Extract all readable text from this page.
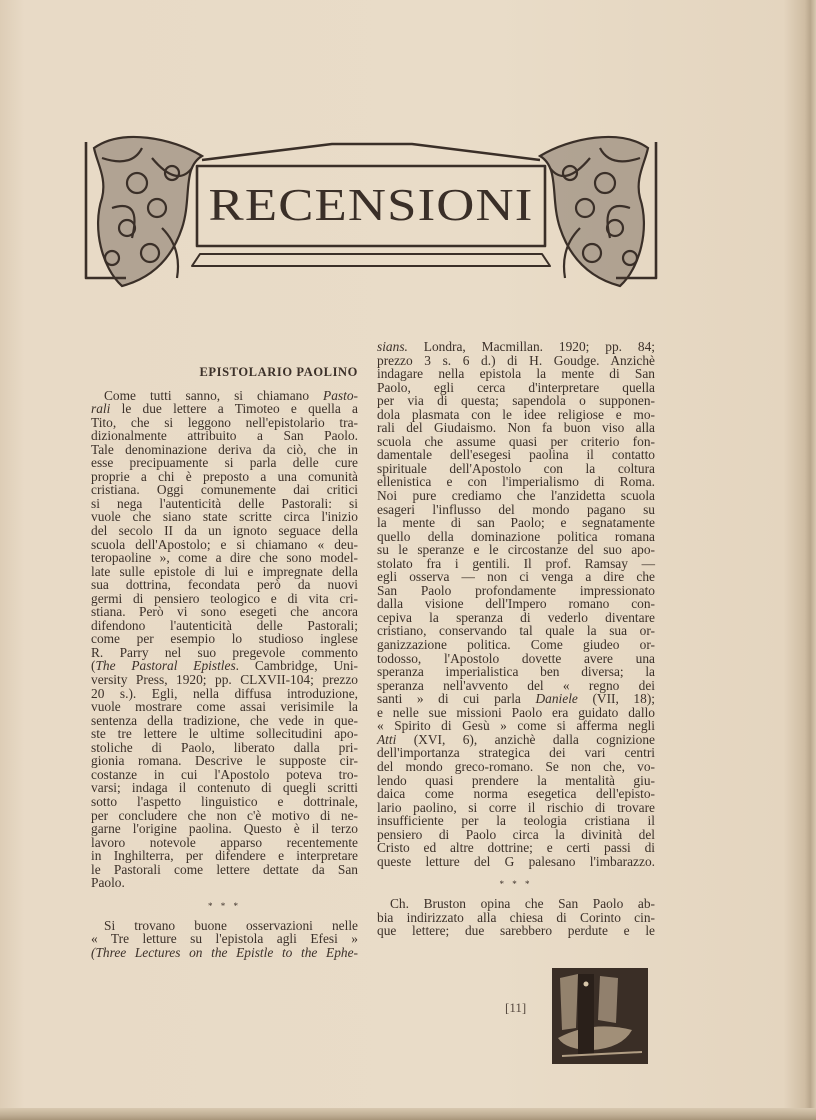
RECENSIONI
EPISTOLARIO PAOLINO
Come tutti sanno, si chiamano Pasto-
rali le due lettere a Timoteo e quella a
Tito, che si leggono nell'epistolario tra-
dizionalmente attribuito a San Paolo.
Tale denominazione deriva da ciò, che in
esse precipuamente si parla delle cure
proprie a chi è preposto a una comunità
cristiana. Oggi comunemente dai critici
si nega l'autenticità delle Pastorali: si
vuole che siano state scritte circa l'inizio
del secolo II da un ignoto seguace della
scuola dell'Apostolo; e si chiamano « deu-
teropaoline », come a dire che sono model-
late sulle epistole di lui e impregnate della
sua dottrina, fecondata però da nuovi
germi di pensiero teologico e di vita cri-
stiana. Però vi sono esegeti che ancora
difendono l'autenticità delle Pastorali;
come per esempio lo studioso inglese
R. Parry nel suo pregevole commento
(The Pastoral Epistles. Cambridge, Uni-
versity Press, 1920; pp. CLXVII-104; prezzo
20 s.). Egli, nella diffusa introduzione,
vuole mostrare come assai verisimile la
sentenza della tradizione, che vede in que-
ste tre lettere le ultime sollecitudini apo-
stoliche di Paolo, liberato dalla pri-
gionia romana. Descrive le supposte cir-
costanze in cui l'Apostolo poteva tro-
varsi; indaga il contenuto di quegli scritti
sotto l'aspetto linguistico e dottrinale,
per concludere che non c'è motivo di ne-
garne l'origine paolina. Questo è il terzo
lavoro notevole apparso recentemente
in Inghilterra, per difendere e interpretare
le Pastorali come lettere dettate da San
Paolo.
* * *
Si trovano buone osservazioni nelle
« Tre letture su l'epistola agli Efesi »
(Three Lectures on the Epistle to the Ephe-
sians. Londra, Macmillan. 1920; pp. 84;
prezzo 3 s. 6 d.) di H. Goudge. Anzichè
indagare nella epistola la mente di San
Paolo, egli cerca d'interpretare quella
per via di questa; sapendola o supponen-
dola plasmata con le idee religiose e mo-
rali del Giudaismo. Non fa buon viso alla
scuola che assume quasi per criterio fon-
damentale dell'esegesi paolina il contatto
spirituale dell'Apostolo con la coltura
ellenistica e con l'imperialismo di Roma.
Noi pure crediamo che l'anzidetta scuola
esageri l'influsso del mondo pagano su
la mente di san Paolo; e segnatamente
quello della dominazione politica romana
su le speranze e le circostanze del suo apo-
stolato fra i gentili. Il prof. Ramsay —
egli osserva — non ci venga a dire che
San Paolo profondamente impressionato
dalla visione dell'Impero romano con-
cepiva la speranza di vederlo diventare
cristiano, conservando tal quale la sua or-
ganizzazione politica. Come giudeo or-
todosso, l'Apostolo dovette avere una
speranza imperialistica ben diversa; la
speranza nell'avvento del « regno dei
santi » di cui parla Daniele (VII, 18);
e nelle sue missioni Paolo era guidato dallo
« Spirito di Gesù » come si afferma negli
Atti (XVI, 6), anzichè dalla cognizione
dell'importanza strategica dei vari centri
del mondo greco-romano. Se non che, vo-
lendo quasi prendere la mentalità giu-
daica come norma esegetica dell'episto-
lario paolino, si corre il rischio di trovare
insufficiente per la teologia cristiana il
pensiero di Paolo circa la divinità del
Cristo ed altre dottrine; e certi passi di
queste letture del G palesano l'imbarazzo.
* * *
Ch. Bruston opina che San Paolo ab-
bia indirizzato alla chiesa di Corinto cin-
que lettere; due sarebbero perdute e le
[11]
